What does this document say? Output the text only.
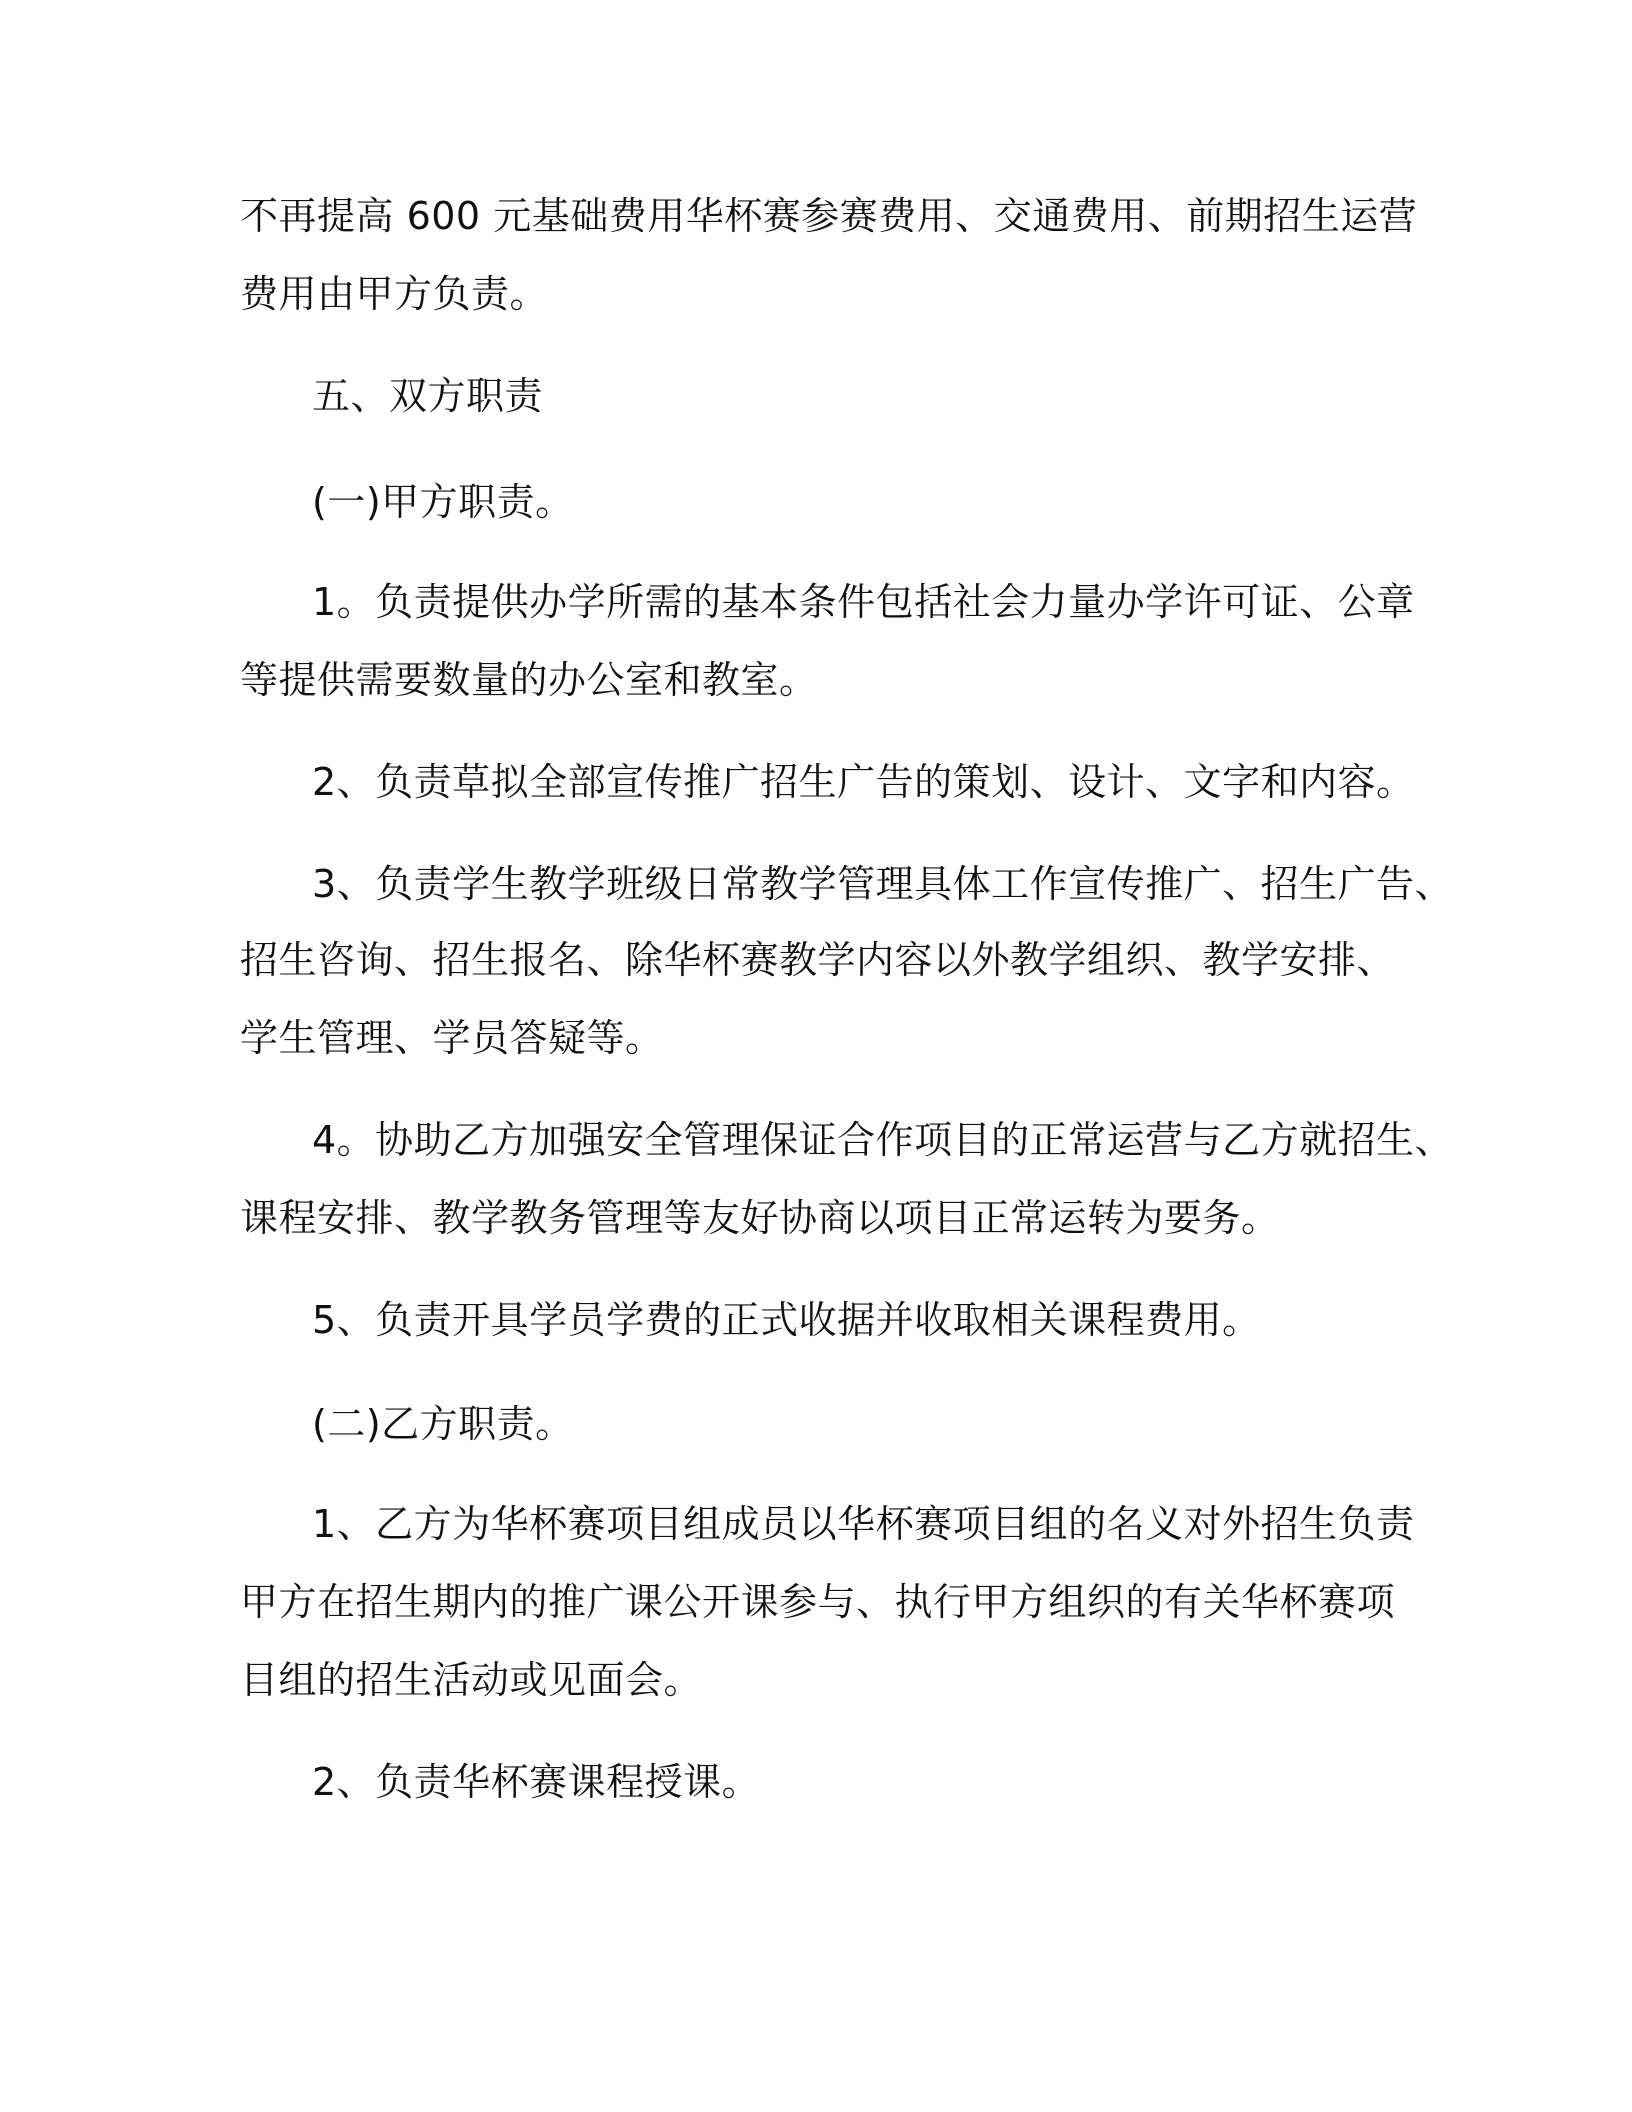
不再提高 600 元基础费用华杯赛参赛费用、交通费用、前期招生运营
费用由甲方负责。
五、双方职责
(一)甲方职责。
1。负责提供办学所需的基本条件包括社会力量办学许可证、公章
等提供需要数量的办公室和教室。
2、负责草拟全部宣传推广招生广告的策划、设计、文字和内容。
3、负责学生教学班级日常教学管理具体工作宣传推广、招生广告、
招生咨询、招生报名、除华杯赛教学内容以外教学组织、教学安排、
学生管理、学员答疑等。
4。协助乙方加强安全管理保证合作项目的正常运营与乙方就招生、
课程安排、教学教务管理等友好协商以项目正常运转为要务。
5、负责开具学员学费的正式收据并收取相关课程费用。
(二)乙方职责。
1、乙方为华杯赛项目组成员以华杯赛项目组的名义对外招生负责
甲方在招生期内的推广课公开课参与、执行甲方组织的有关华杯赛项
目组的招生活动或见面会。
2、负责华杯赛课程授课。
